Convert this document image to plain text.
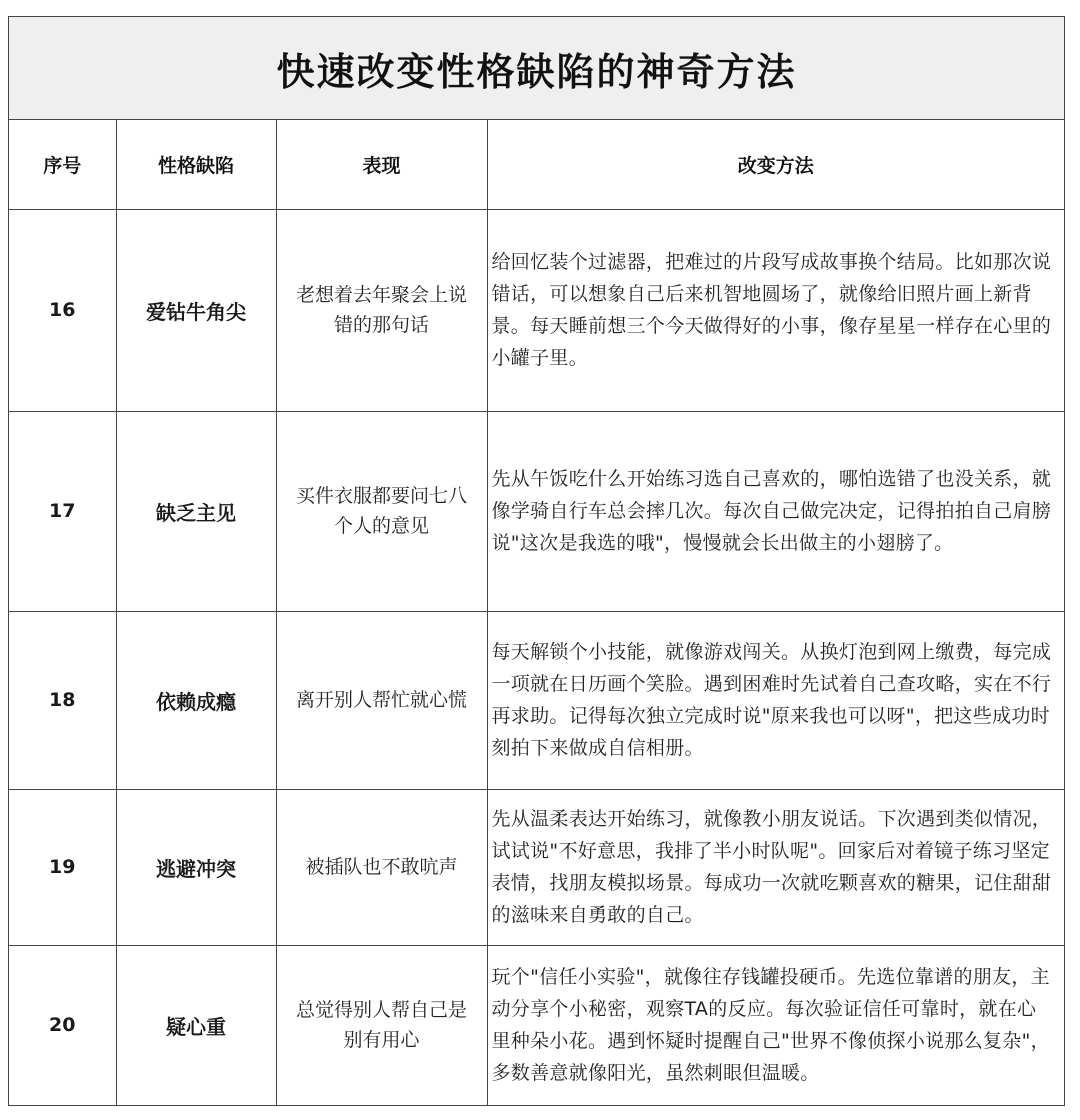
快速改变性格缺陷的神奇方法
序号	性格缺陷	表现	改变方法
16	爱钻牛角尖	老想着去年聚会上说错的那句话	给回忆装个过滤器，把难过的片段写成故事换个结局。比如那次说错话，可以想象自己后来机智地圆场了，就像给旧照片画上新背景。每天睡前想三个今天做得好的小事，像存星星一样存在心里的小罐子里。
17	缺乏主见	买件衣服都要问七八个人的意见	先从午饭吃什么开始练习选自己喜欢的，哪怕选错了也没关系，就像学骑自行车总会摔几次。每次自己做完决定，记得拍拍自己肩膀说"这次是我选的哦"，慢慢就会长出做主的小翅膀了。
18	依赖成瘾	离开别人帮忙就心慌	每天解锁个小技能，就像游戏闯关。从换灯泡到网上缴费，每完成一项就在日历画个笑脸。遇到困难时先试着自己查攻略，实在不行再求助。记得每次独立完成时说"原来我也可以呀"，把这些成功时刻拍下来做成自信相册。
19	逃避冲突	被插队也不敢吭声	先从温柔表达开始练习，就像教小朋友说话。下次遇到类似情况，试试说"不好意思，我排了半小时队呢"。回家后对着镜子练习坚定表情，找朋友模拟场景。每成功一次就吃颗喜欢的糖果，记住甜甜的滋味来自勇敢的自己。
20	疑心重	总觉得别人帮自己是别有用心	玩个"信任小实验"，就像往存钱罐投硬币。先选位靠谱的朋友，主动分享个小秘密，观察TA的反应。每次验证信任可靠时，就在心里种朵小花。遇到怀疑时提醒自己"世界不像侦探小说那么复杂"，多数善意就像阳光，虽然刺眼但温暖。
